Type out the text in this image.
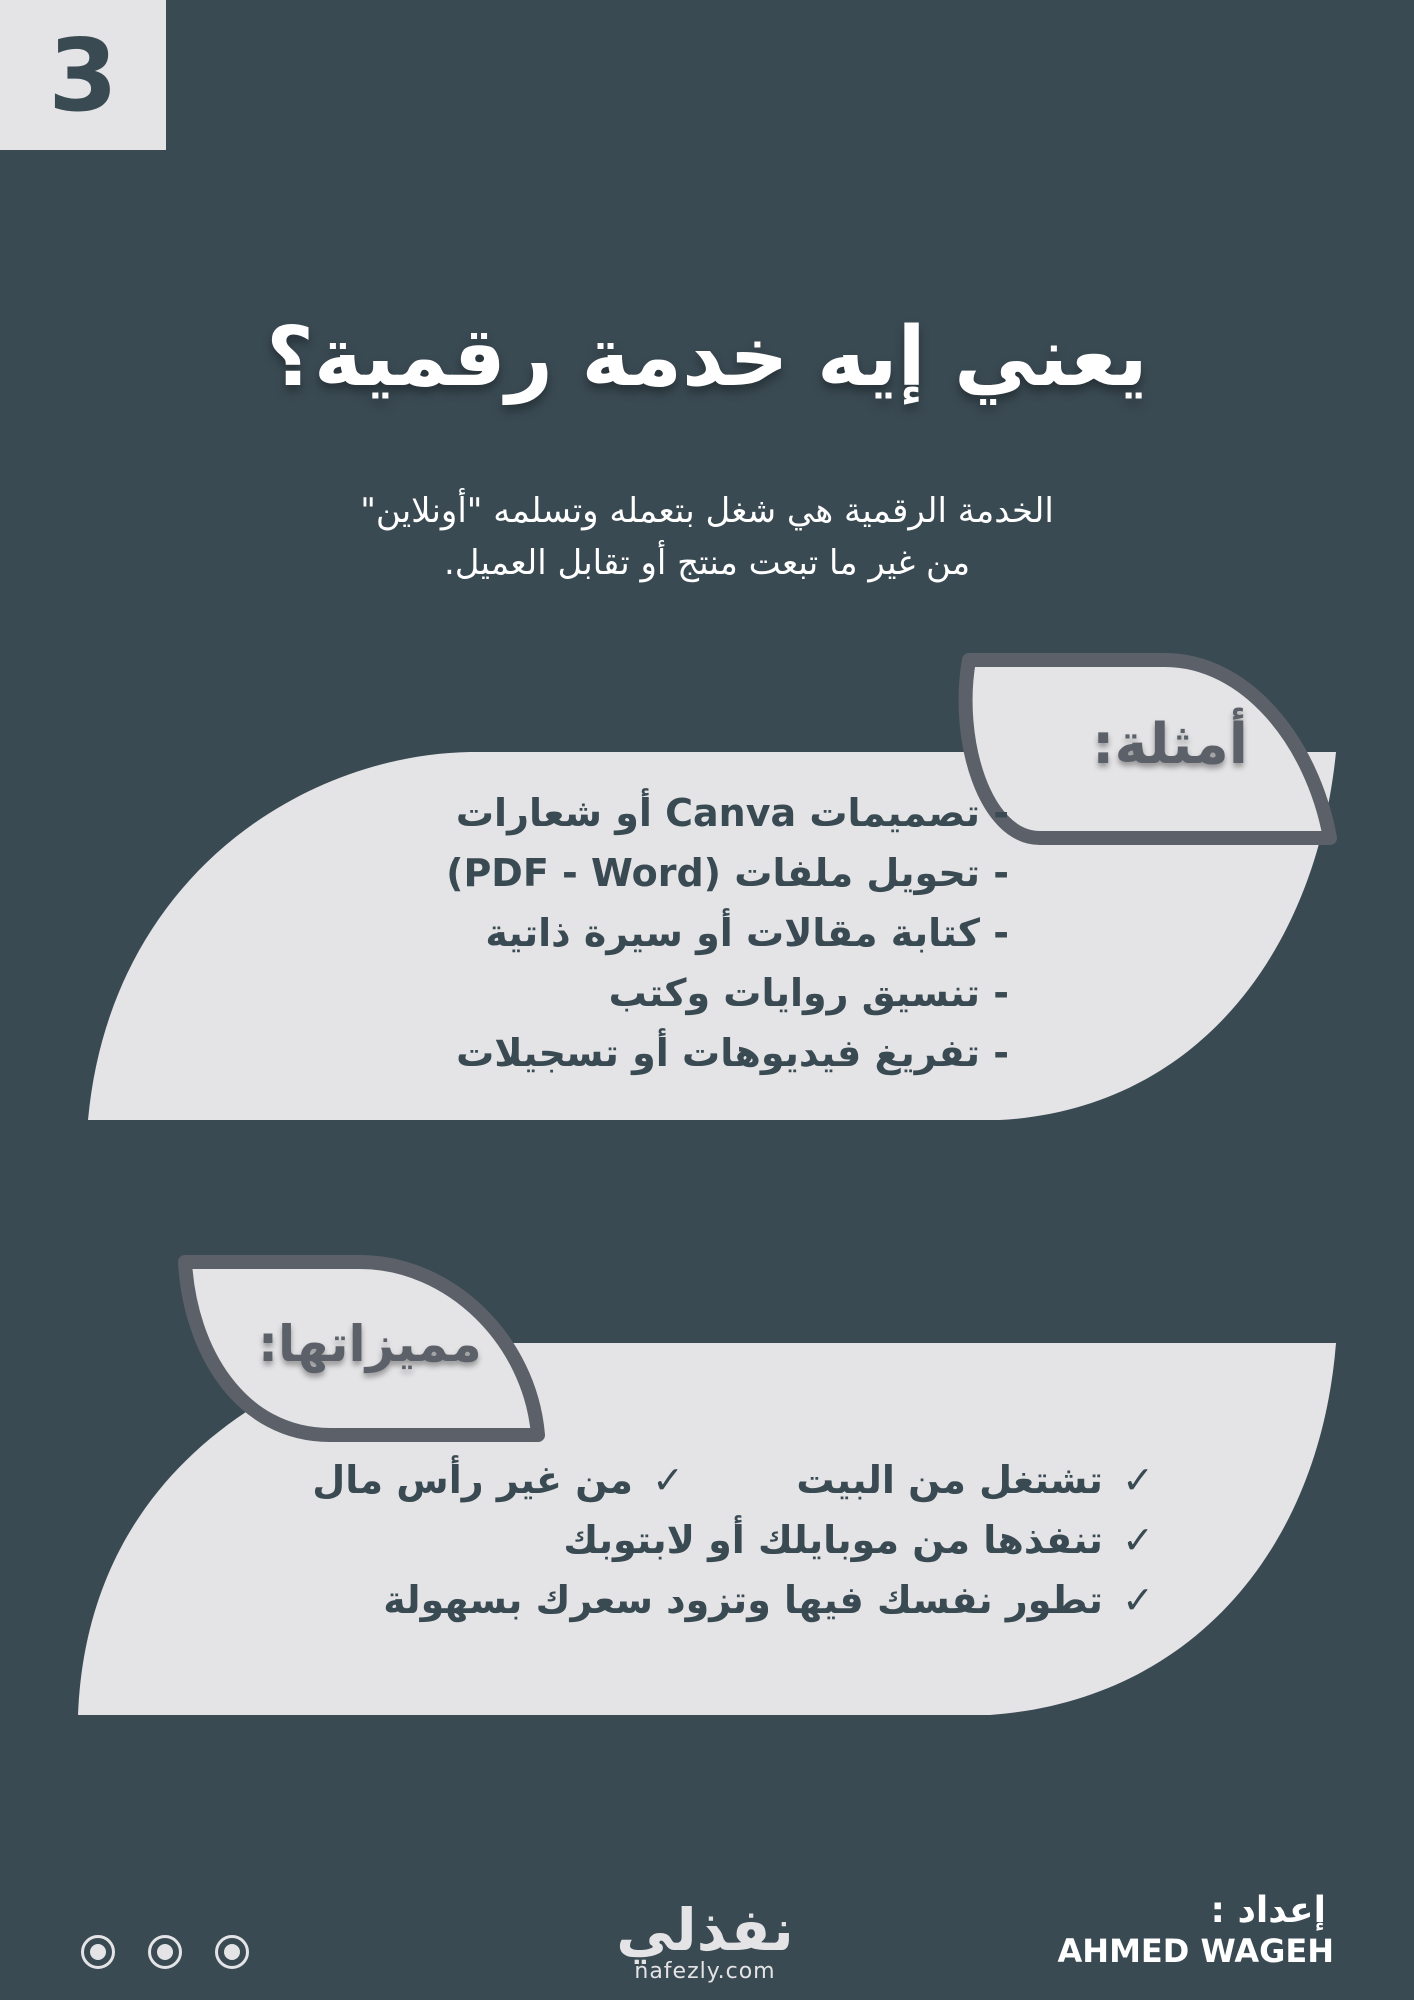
3
يعني إيه خدمة رقمية؟
الخدمة الرقمية هي شغل بتعمله وتسلمه "أونلاين"
من غير ما تبعت منتج أو تقابل العميل.
أمثلة:
- تصميمات Canva أو شعارات
- تحويل ملفات (PDF - Word)
- كتابة مقالات أو سيرة ذاتية
- تنسيق روايات وكتب
- تفريغ فيديوهات أو تسجيلات
مميزاتها:
✓ تشتغل من البيت
✓ من غير رأس مال
✓ تنفذها من موبايلك أو لابتوبك
✓ تطور نفسك فيها وتزود سعرك بسهولة
نفذلي
nafezly.com
إعداد :
AHMED WAGEH
